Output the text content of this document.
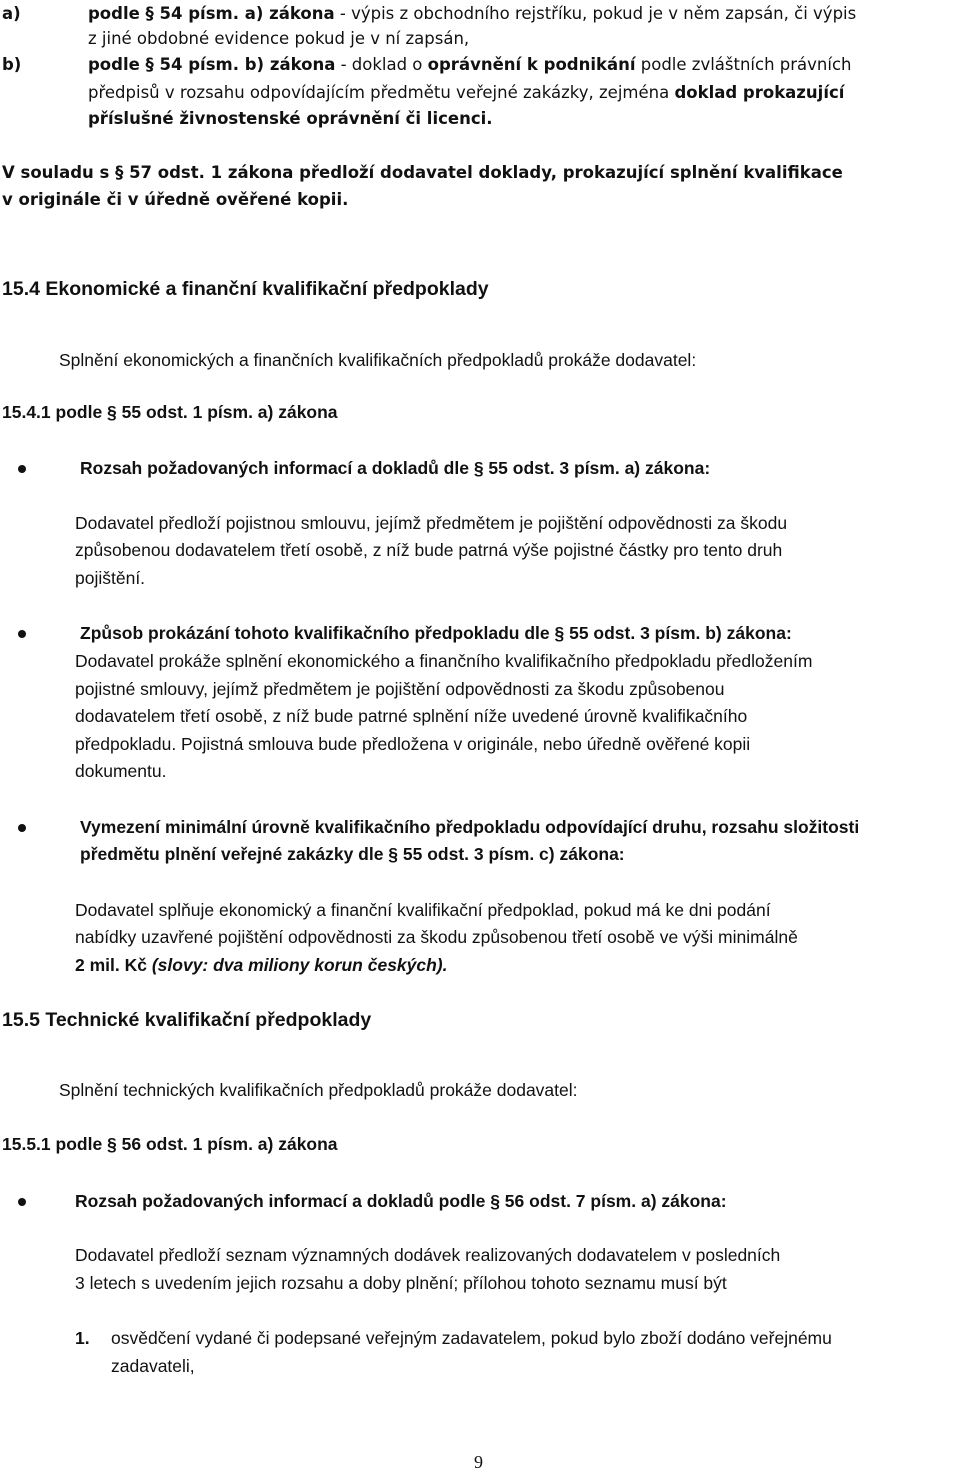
a)	podle § 54 písm. a) zákona - výpis z obchodního rejstříku, pokud je v něm zapsán, či výpis
z jiné obdobné evidence pokud je v ní zapsán,
b)	podle § 54 písm. b) zákona - doklad o oprávnění k podnikání podle zvláštních právních
předpisů v rozsahu odpovídajícím předmětu veřejné zakázky, zejména doklad prokazující
příslušné živnostenské oprávnění či licenci.
V souladu s § 57 odst. 1 zákona předloží dodavatel doklady, prokazující splnění kvalifikace
v originále či v úředně ověřené kopii.
15.4 Ekonomické a finanční kvalifikační předpoklady
Splnění ekonomických a finančních kvalifikačních předpokladů prokáže dodavatel:
15.4.1 podle § 55 odst. 1 písm. a) zákona
Rozsah požadovaných informací a dokladů dle § 55 odst. 3 písm. a) zákona:
Dodavatel předloží pojistnou smlouvu, jejímž předmětem je pojištění odpovědnosti za škodu
způsobenou dodavatelem třetí osobě, z níž bude patrná výše pojistné částky pro tento druh
pojištění.
Způsob prokázání tohoto kvalifikačního předpokladu dle § 55 odst. 3 písm. b) zákona:
Dodavatel prokáže splnění ekonomického a finančního kvalifikačního předpokladu předložením
pojistné smlouvy, jejímž předmětem je pojištění odpovědnosti za škodu způsobenou
dodavatelem třetí osobě, z níž bude patrné splnění níže uvedené úrovně kvalifikačního
předpokladu. Pojistná smlouva bude předložena v originále, nebo úředně ověřené kopii
dokumentu.
Vymezení minimální úrovně kvalifikačního předpokladu odpovídající druhu, rozsahu složitosti
předmětu plnění veřejné zakázky dle § 55 odst. 3 písm. c) zákona:
Dodavatel splňuje ekonomický a finanční kvalifikační předpoklad, pokud má ke dni podání
nabídky uzavřené pojištění odpovědnosti za škodu způsobenou třetí osobě ve výši minimálně
2 mil. Kč (slovy: dva miliony korun českých).
15.5 Technické kvalifikační předpoklady
Splnění technických kvalifikačních předpokladů prokáže dodavatel:
15.5.1 podle § 56 odst. 1 písm. a) zákona
Rozsah požadovaných informací a dokladů podle § 56 odst. 7 písm. a) zákona:
Dodavatel předloží seznam významných dodávek realizovaných dodavatelem v posledních
3 letech s uvedením jejich rozsahu a doby plnění; přílohou tohoto seznamu musí být
1. osvědčení vydané či podepsané veřejným zadavatelem, pokud bylo zboží dodáno veřejnému
zadavateli,
9
